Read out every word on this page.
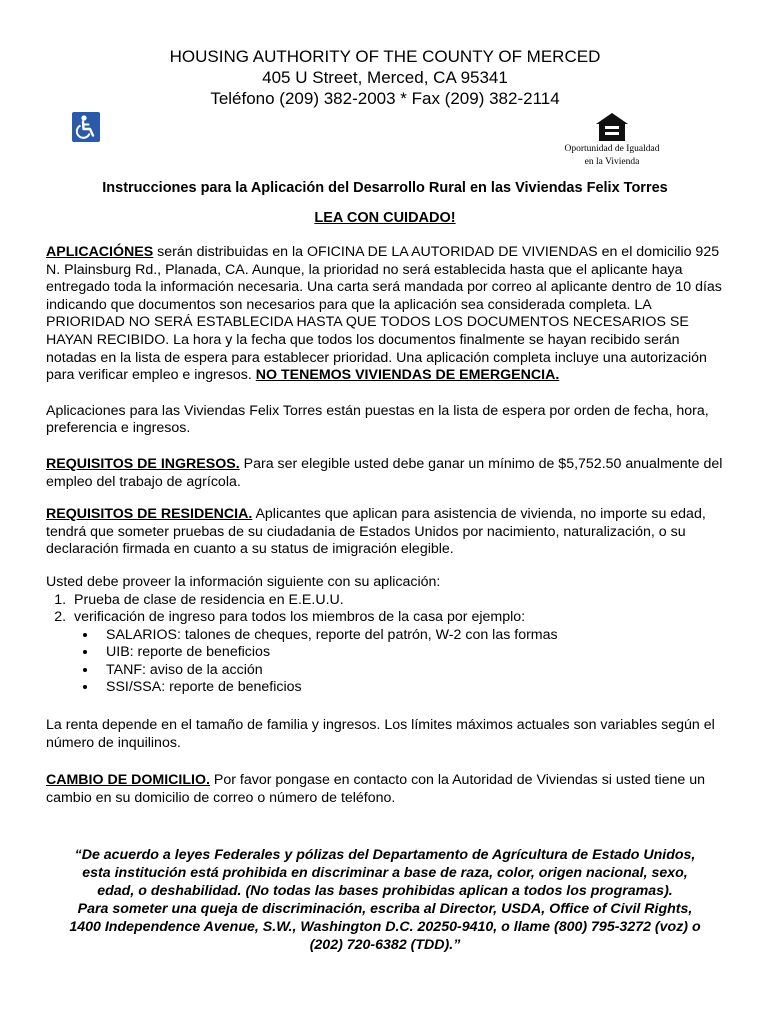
HOUSING AUTHORITY OF THE COUNTY OF MERCED
405 U Street, Merced, CA 95341
Teléfono (209) 382-2003 * Fax (209) 382-2114
Oportunidad de Igualdad
en la Vivienda
Instrucciones para la Aplicación del Desarrollo Rural en las Viviendas Felix Torres
LEA CON CUIDADO!

APLICACIÓNES serán distribuidas en la OFICINA DE LA AUTORIDAD DE VIVIENDAS en el domicilio 925 N. Plainsburg Rd., Planada, CA. Aunque, la prioridad no será establecida hasta que el aplicante haya entregado toda la información necesaria. Una carta será mandada por correo al aplicante dentro de 10 días indicando que documentos son necesarios para que la aplicación sea considerada completa. LA PRIORIDAD NO SERÁ ESTABLECIDA HASTA QUE TODOS LOS DOCUMENTOS NECESARIOS SE HAYAN RECIBIDO. La hora y la fecha que todos los documentos finalmente se hayan recibido serán notadas en la lista de espera para establecer prioridad. Una aplicación completa incluye una autorización para verificar empleo e ingresos. NO TENEMOS VIVIENDAS DE EMERGENCIA.

Aplicaciones para las Viviendas Felix Torres están puestas en la lista de espera por orden de fecha, hora, preferencia e ingresos.

REQUISITOS DE INGRESOS. Para ser elegible usted debe ganar un mínimo de $5,752.50 anualmente del empleo del trabajo de agrícola.

REQUISITOS DE RESIDENCIA. Aplicantes que aplican para asistencia de vivienda, no importe su edad, tendrá que someter pruebas de su ciudadania de Estados Unidos por nacimiento, naturalización, o su declaración firmada en cuanto a su status de imigración elegible.

Usted debe proveer la información siguiente con su aplicación:

1. Prueba de clase de residencia en E.E.U.U.
2. verificación de ingreso para todos los miembros de la casa por ejemplo:
• SALARIOS: talones de cheques, reporte del patrón, W-2 con las formas
• UIB: reporte de beneficios
• TANF: aviso de la acción
• SSI/SSA: reporte de beneficios

La renta depende en el tamaño de familia y ingresos. Los límites máximos actuales son variables según el número de inquilinos.

CAMBIO DE DOMICILIO. Por favor pongase en contacto con la Autoridad de Viviendas si usted tiene un cambio en su domicilio de correo o número de teléfono.

“De acuerdo a leyes Federales y pólizas del Departamento de Agrícultura de Estado Unidos,
esta institución está prohibida en discriminar a base de raza, color, origen nacional, sexo,
edad, o deshabilidad. (No todas las bases prohibidas aplican a todos los programas).
Para someter una queja de discriminación, escriba al Director, USDA, Office of Civil Rights,
1400 Independence Avenue, S.W., Washington D.C. 20250-9410, o llame (800) 795-3272 (voz) o
(202) 720-6382 (TDD).”
